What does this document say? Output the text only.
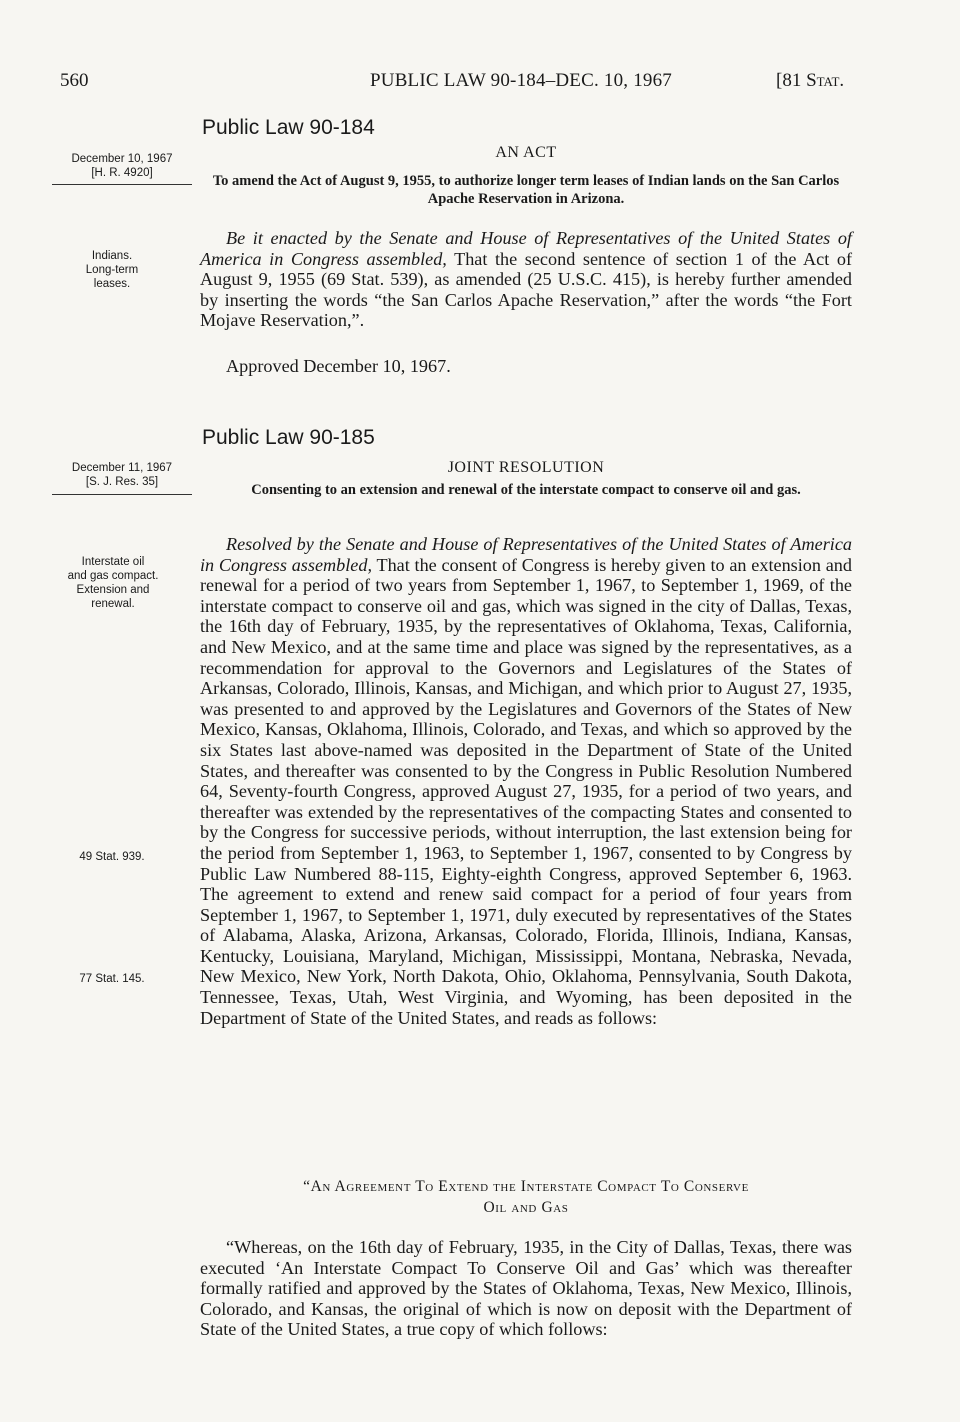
560	PUBLIC LAW 90-184–DEC. 10, 1967	[81 Stat.
Public Law 90-184
AN ACT
December 10, 1967
[H. R. 4920]	To amend the Act of August 9, 1955, to authorize longer term leases of Indian lands on the San Carlos Apache Reservation in Arizona.
Indians.
Long-term
leases.

Be it enacted by the Senate and House of Representatives of the United States of America in Congress assembled, That the second sentence of section 1 of the Act of August 9, 1955 (69 Stat. 539), as amended (25 U.S.C. 415), is hereby further amended by inserting the words “the San Carlos Apache Reservation,” after the words “the Fort Mojave Reservation,”.

Approved December 10, 1967.
Public Law 90-185
JOINT RESOLUTION
December 11, 1967
[S. J. Res. 35]	Consenting to an extension and renewal of the interstate compact to conserve oil and gas.
Interstate oil
and gas compact.
Extension and
renewal.
49 Stat. 939.
77 Stat. 145.

Resolved by the Senate and House of Representatives of the United States of America in Congress assembled, That the consent of Congress is hereby given to an extension and renewal for a period of two years from September 1, 1967, to September 1, 1969, of the interstate compact to conserve oil and gas, which was signed in the city of Dallas, Texas, the 16th day of February, 1935, by the representatives of Oklahoma, Texas, California, and New Mexico, and at the same time and place was signed by the representatives, as a recommendation for approval to the Governors and Legislatures of the States of Arkansas, Colorado, Illinois, Kansas, and Michigan, and which prior to August 27, 1935, was presented to and approved by the Legislatures and Governors of the States of New Mexico, Kansas, Oklahoma, Illinois, Colorado, and Texas, and which so approved by the six States last above-named was deposited in the Department of State of the United States, and thereafter was consented to by the Congress in Public Resolution Numbered 64, Seventy-fourth Congress, approved August 27, 1935, for a period of two years, and thereafter was extended by the representatives of the compacting States and consented to by the Congress for successive periods, without interruption, the last extension being for the period from September 1, 1963, to September 1, 1967, consented to by Congress by Public Law Numbered 88-115, Eighty-eighth Congress, approved September 6, 1963. The agreement to extend and renew said compact for a period of four years from September 1, 1967, to September 1, 1971, duly executed by representatives of the States of Alabama, Alaska, Arizona, Arkansas, Colorado, Florida, Illinois, Indiana, Kansas, Kentucky, Louisiana, Maryland, Michigan, Mississippi, Montana, Nebraska, Nevada, New Mexico, New York, North Dakota, Ohio, Oklahoma, Pennsylvania, South Dakota, Tennessee, Texas, Utah, West Virginia, and Wyoming, has been deposited in the Department of State of the United States, and reads as follows:

“An Agreement To Extend the Interstate Compact To Conserve
Oil and Gas

“Whereas, on the 16th day of February, 1935, in the City of Dallas, Texas, there was executed ‘An Interstate Compact To Conserve Oil and Gas’ which was thereafter formally ratified and approved by the States of Oklahoma, Texas, New Mexico, Illinois, Colorado, and Kansas, the original of which is now on deposit with the Department of State of the United States, a true copy of which follows:
